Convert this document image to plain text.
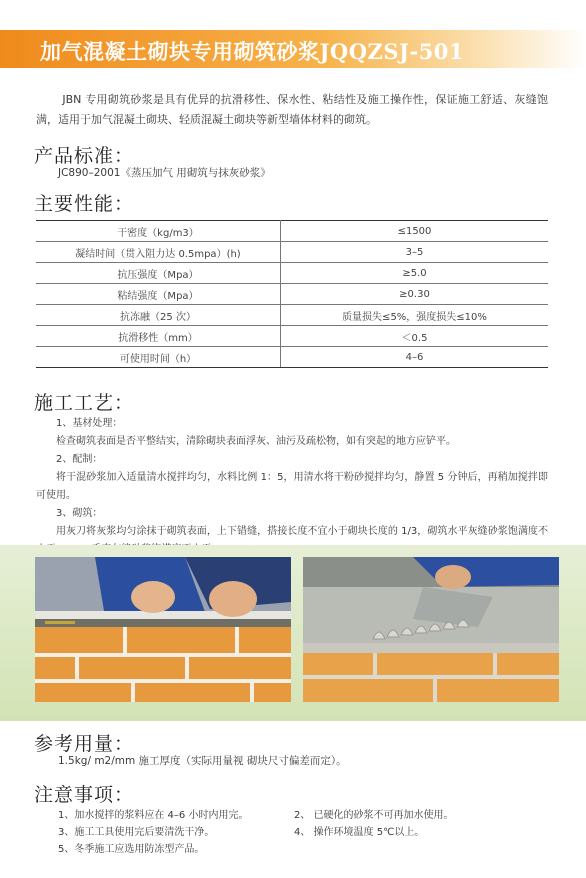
加气混凝土砌块专用砌筑砂浆JQQZSJ-501
JBN 专用砌筑砂浆是具有优异的抗滑移性、保水性、粘结性及施工操作性，保证施工舒适、灰缝饱满，适用于加气混凝土砌块、轻质混凝土砌块等新型墙体材料的砌筑。
产品标准：
JC890–2001《蒸压加气 用砌筑与抹灰砂浆》
主要性能：
干密度（kg/m3）	≤1500
凝结时间（贯入阻力达 0.5mpa）(h)	3–5
抗压强度（Mpa）	≥5.0
粘结强度（Mpa）	≥0.30
抗冻融（25 次）	质量损失≤5%，强度损失≤10%
抗滑移性（mm）	＜0.5
可使用时间（h）	4–6
施工工艺：
1、基材处理：
检查砌筑表面是否平整结实，清除砌块表面浮灰、油污及疏松物，如有突起的地方应铲平。
2、配制：
将干混砂浆加入适量清水搅拌均匀，水料比例 1：5，用清水将干粉砂搅拌均匀，静置 5 分钟后，再稍加搅拌即可使用。
3、砌筑：
用灰刀将灰浆均匀涂抹于砌筑表面，上下错缝，搭接长度不宜小于砌块长度的 1/3，砌筑水平灰缝砂浆饱满度不
参考用量：
1.5kg/ m2/mm 施工厚度（实际用量视 砌块尺寸偏差而定）。
注意事项：
1、加水搅拌的浆料应在 4–6 小时内用完。	2、 已硬化的砂浆不可再加水使用。
3、施工工具使用完后要清洗干净。	4、 操作环境温度 5℃以上。
5、冬季施工应选用防冻型产品。
